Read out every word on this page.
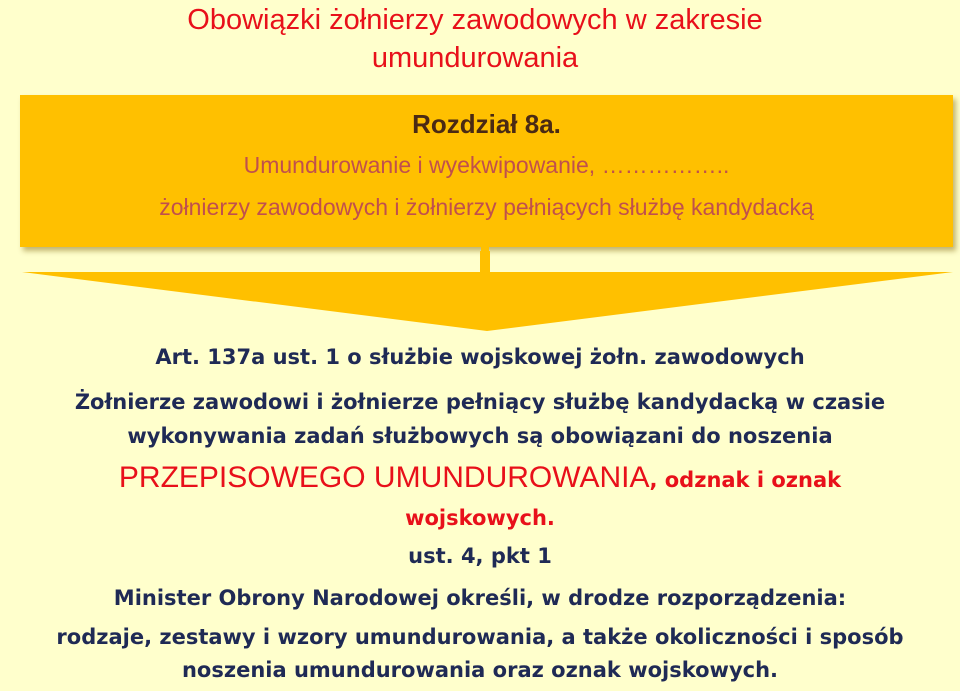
Obowiązki żołnierzy zawodowych w zakresie
umundurowania
Rozdział 8a.
Umundurowanie i wyekwipowanie, ……………..
żołnierzy zawodowych i żołnierzy pełniących służbę kandydacką
Art. 137a ust. 1 o służbie wojskowej żołn. zawodowych
Żołnierze zawodowi i żołnierze pełniący służbę kandydacką w czasie
wykonywania zadań służbowych są obowiązani do noszenia
PRZEPISOWEGO UMUNDUROWANIA, odznak i oznak
wojskowych.
ust. 4, pkt 1
Minister Obrony Narodowej określi, w drodze rozporządzenia:
rodzaje, zestawy i wzory umundurowania, a także okoliczności i sposób
noszenia umundurowania oraz oznak wojskowych.
